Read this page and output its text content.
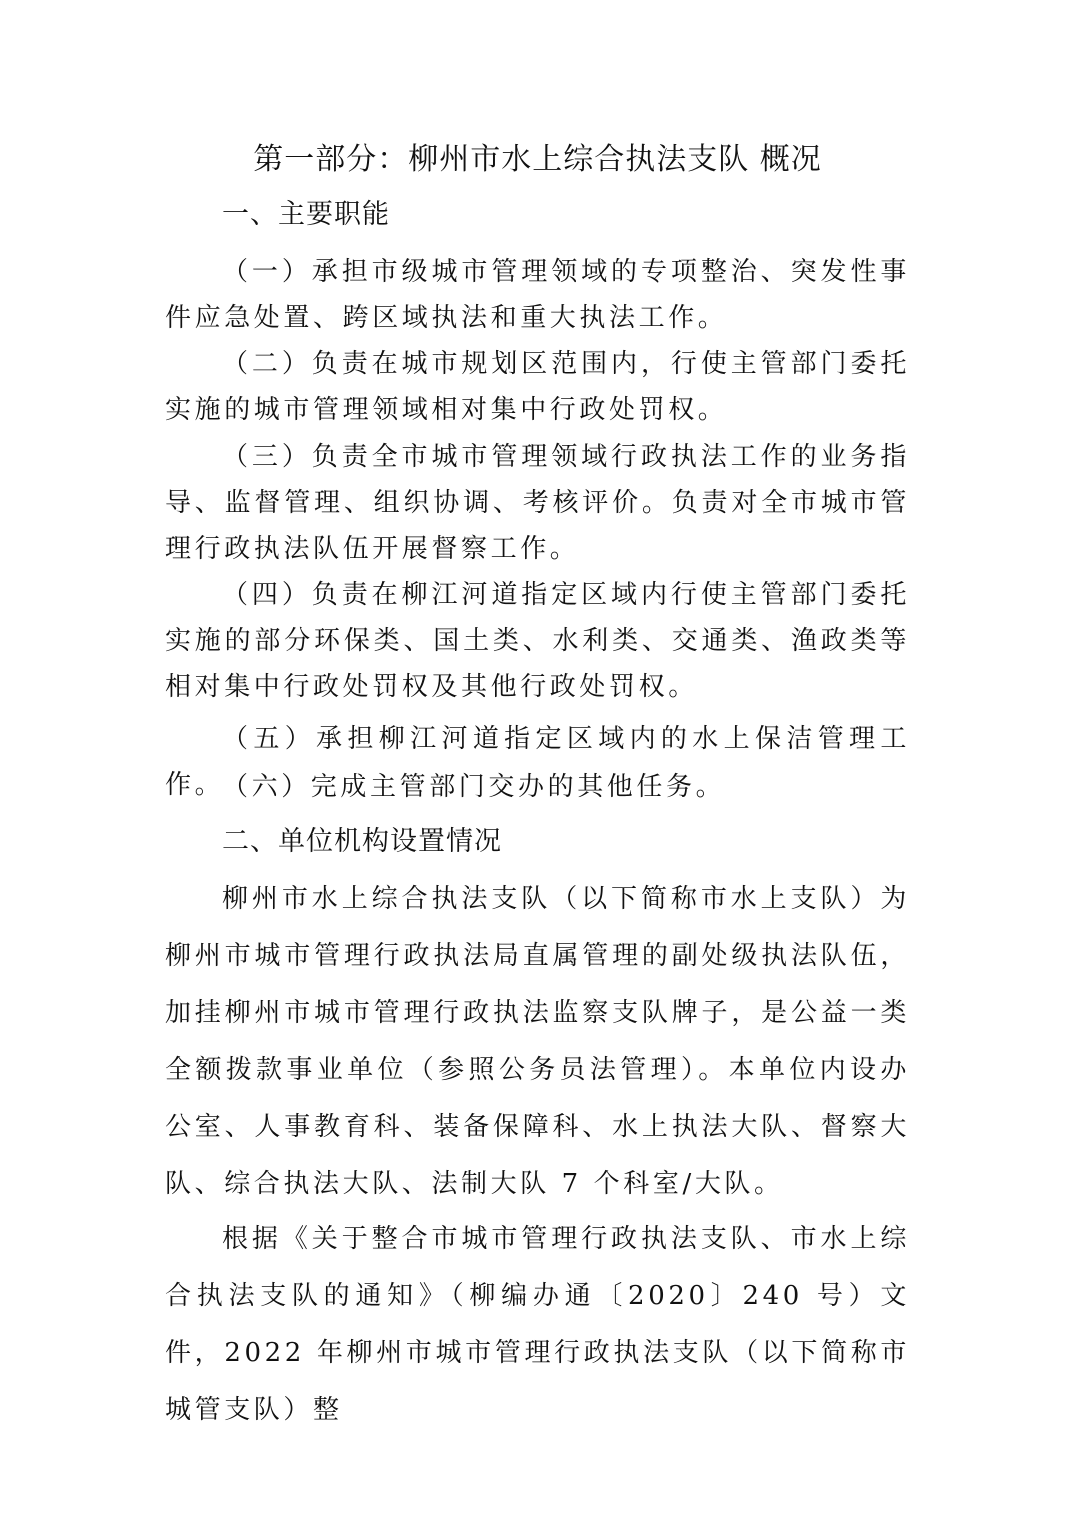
第一部分：柳州市水上综合执法支队 概况
一、主要职能

（一）承担市级城市管理领域的专项整治、突发性事件应急处置、跨区域执法和重大执法工作。

（二）负责在城市规划区范围内，行使主管部门委托实施的城市管理领域相对集中行政处罚权。

（三）负责全市城市管理领域行政执法工作的业务指导、监督管理、组织协调、考核评价。负责对全市城市管理行政执法队伍开展督察工作。

（四）负责在柳江河道指定区域内行使主管部门委托实施的部分环保类、国土类、水利类、交通类、渔政类等相对集中行政处罚权及其他行政处罚权。

（五）承担柳江河道指定区域内的水上保洁管理工作。

（六）完成主管部门交办的其他任务。

二、单位机构设置情况

柳州市水上综合执法支队（以下简称市水上支队）为柳州市城市管理行政执法局直属管理的副处级执法队伍，加挂柳州市城市管理行政执法监察支队牌子，是公益一类全额拨款事业单位（参照公务员法管理）。本单位内设办公室、人事教育科、装备保障科、水上执法大队、督察大队、综合执法大队、法制大队 7 个科室/大队。

根据《关于整合市城市管理行政执法支队、市水上综合执法支队的通知》（柳编办通〔2020〕240 号）文件，2022 年柳州市城市管理行政执法支队（以下简称市城管支队）整
